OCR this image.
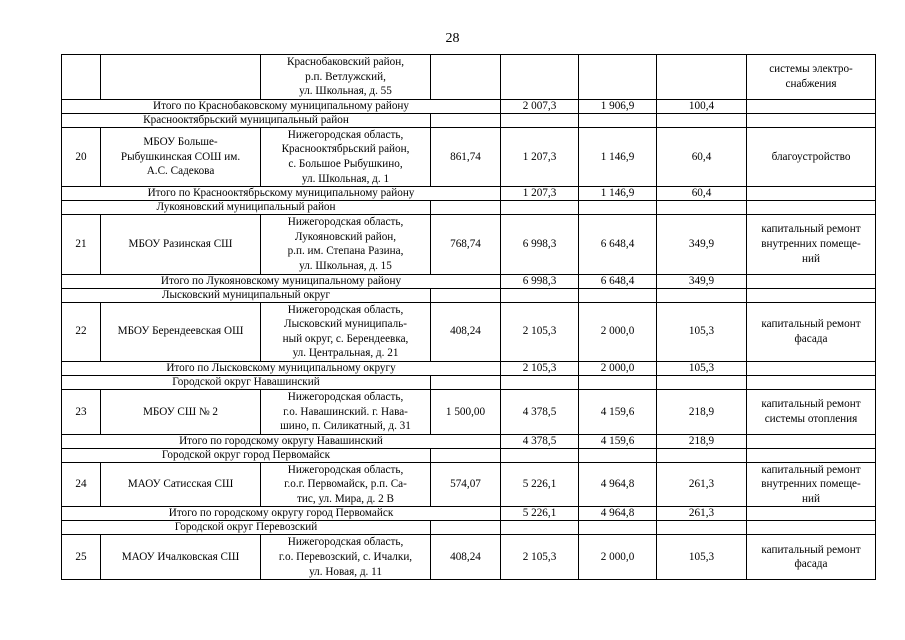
28
		Краснобаковский район,
р.п. Ветлужский,
ул. Школьная, д. 55					системы электро-
снабжения
Итого по Краснобаковскому муниципальному району				2 007,3	1 906,9	100,4	
Краснооктябрьский муниципальный район							
20	МБОУ Больше-
Рыбушкинская СОШ им.
А.С. Садекова	Нижегородская область,
Краснооктябрьский район,
с. Большое Рыбушкино,
ул. Школьная, д. 1	861,74	1 207,3	1 146,9	60,4	благоустройство
Итого по Краснооктябрьскому муниципальному району				1 207,3	1 146,9	60,4	
Лукояновский муниципальный район							
21	МБОУ Разинская СШ	Нижегородская область,
Лукояновский район,
р.п. им. Степана Разина,
ул. Школьная, д. 15	768,74	6 998,3	6 648,4	349,9	капитальный ремонт
внутренних помеще-
ний
Итого по Лукояновскому муниципальному району				6 998,3	6 648,4	349,9	
Лысковский муниципальный округ							
22	МБОУ Берендеевская ОШ	Нижегородская область,
Лысковский муниципаль-
ный округ, с. Берендеевка,
ул. Центральная, д. 21	408,24	2 105,3	2 000,0	105,3	капитальный ремонт
фасада
Итого по Лысковскому муниципальному округу				2 105,3	2 000,0	105,3	
Городской округ Навашинский							
23	МБОУ СШ № 2	Нижегородская область,
г.о. Навашинский. г. Нава-
шино, п. Силикатный, д. 31	1 500,00	4 378,5	4 159,6	218,9	капитальный ремонт
системы отопления
Итого по городскому округу Навашинский				4 378,5	4 159,6	218,9	
Городской округ город Первомайск							
24	МАОУ Сатисская СШ	Нижегородская область,
г.о.г. Первомайск, р.п. Са-
тис, ул. Мира, д. 2 В	574,07	5 226,1	4 964,8	261,3	капитальный ремонт
внутренних помеще-
ний
Итого по городскому округу город Первомайск				5 226,1	4 964,8	261,3	
Городской округ Перевозский							
25	МАОУ Ичалковская СШ	Нижегородская область,
г.о. Перевозский, с. Ичалки,
ул. Новая, д. 11	408,24	2 105,3	2 000,0	105,3	капитальный ремонт
фасада
